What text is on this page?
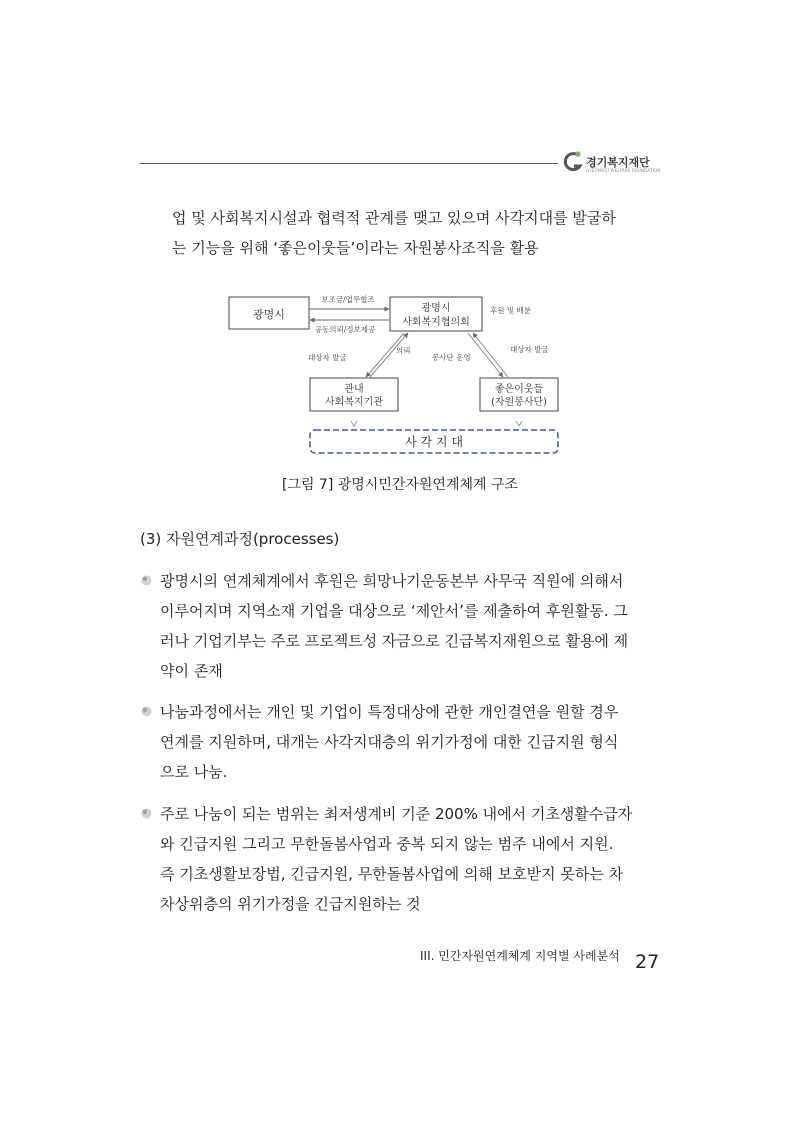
경기복지재단
GYEONGGI WELFARE FOUNDATION
업 및 사회복지시설과 협력적 관계를 맺고 있으며 사각지대를 발굴하
는 기능을 위해 ‘좋은이웃들’이라는 자원봉사조직을 활용
광명시	광명시
사회복지협의회
관내
사회복지기관
좋은이웃들
(자원봉사단)
사 각 지 대
보조금/업무협조
공동의뢰/정보제공
후원 및 배분
대상자 발굴
의뢰
봉사단 운영
대상자 발굴
[그림 7] 광명시민간자원연계체계 구조
(3) 자원연계과정(processes)
광명시의 연계체계에서 후원은 희망나기운동본부 사무국 직원에 의해서
이루어지며 지역소재 기업을 대상으로 ‘제안서’를 제출하여 후원활동. 그
러나 기업기부는 주로 프로젝트성 자금으로 긴급복지재원으로 활용에 제
약이 존재
나눔과정에서는 개인 및 기업이 특정대상에 관한 개인결연을 원할 경우
연계를 지원하며, 대개는 사각지대층의 위기가정에 대한 긴급지원 형식
으로 나눔.
주로 나눔이 되는 범위는 최저생계비 기준 200% 내에서 기초생활수급자
와 긴급지원 그리고 무한돌봄사업과 중복 되지 않는 범주 내에서 지원.
즉 기초생활보장법, 긴급지원, 무한돌봄사업에 의해 보호받지 못하는 차
차상위층의 위기가정을 긴급지원하는 것
III. 민간자원연계체계 지역별 사례분석 27
